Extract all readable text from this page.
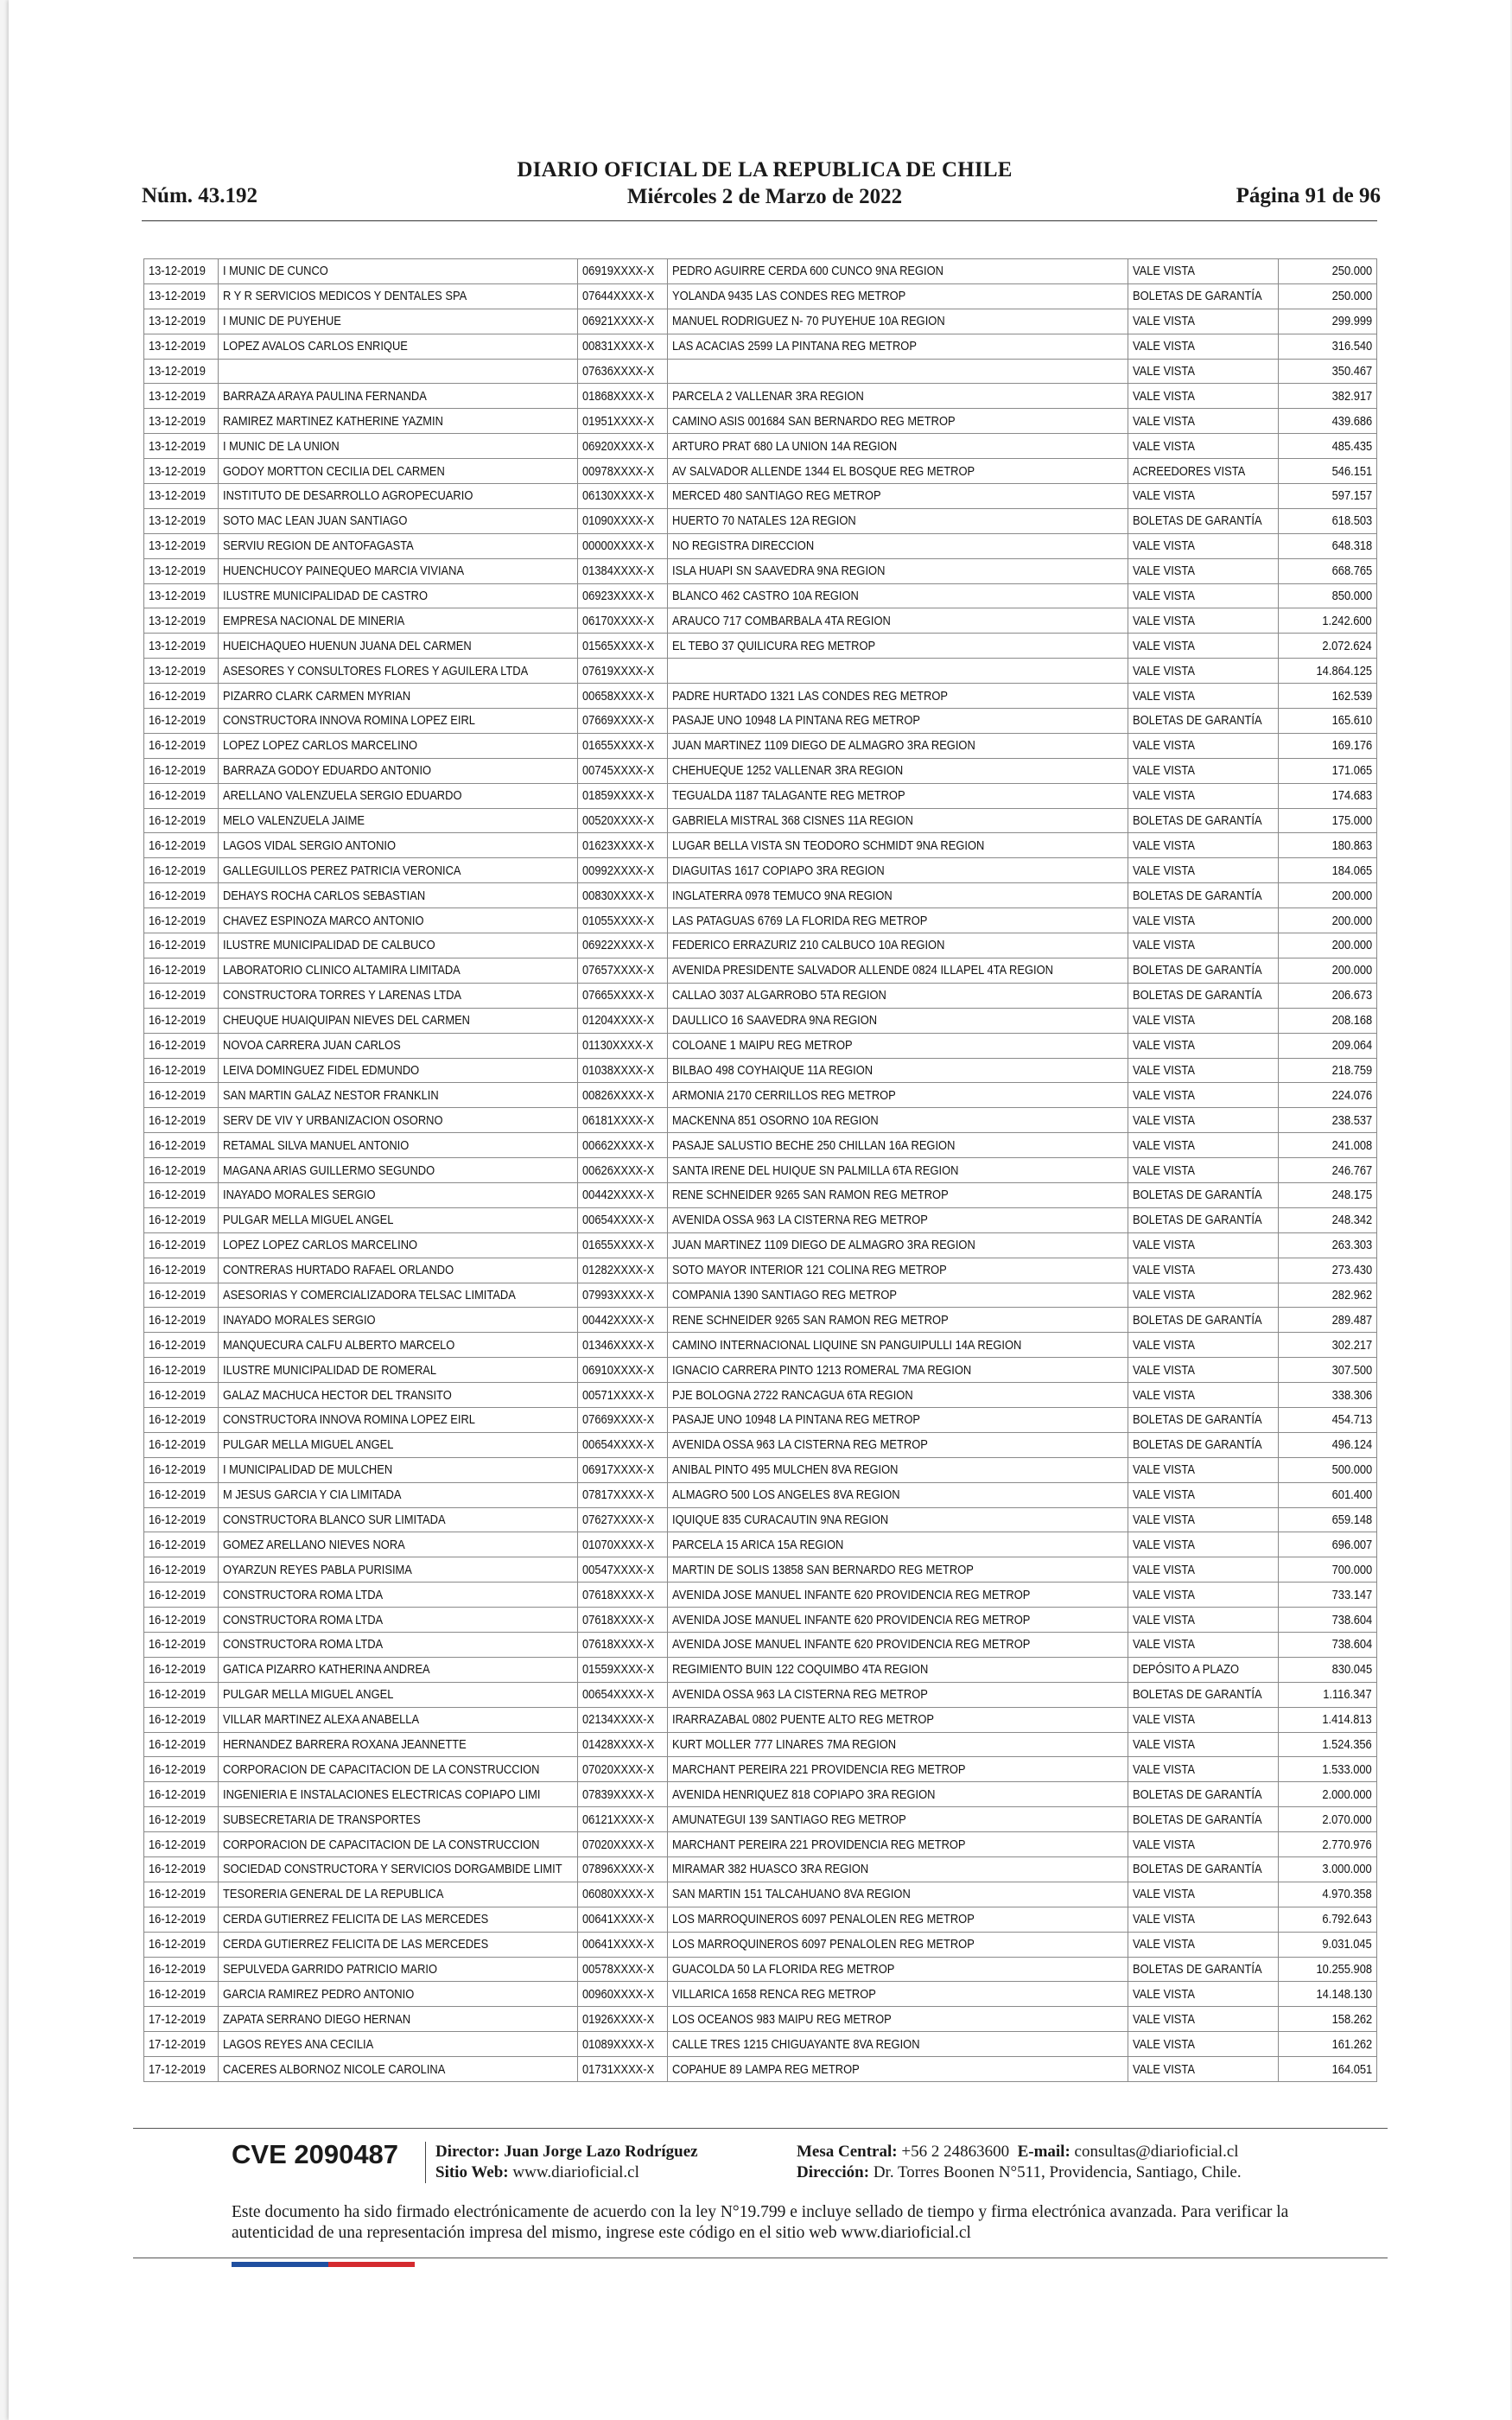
DIARIO OFICIAL DE LA REPUBLICA DE CHILE
Núm. 43.192	Miércoles 2 de Marzo de 2022	Página 91 de 96
13-12-2019	I MUNIC DE CUNCO	06919XXXX-X	PEDRO AGUIRRE CERDA 600 CUNCO 9NA REGION	VALE VISTA	250.000
13-12-2019	R Y R SERVICIOS MEDICOS Y DENTALES SPA	07644XXXX-X	YOLANDA 9435 LAS CONDES REG METROP	BOLETAS DE GARANTÍA	250.000
13-12-2019	I MUNIC DE PUYEHUE	06921XXXX-X	MANUEL RODRIGUEZ N- 70 PUYEHUE 10A REGION	VALE VISTA	299.999
13-12-2019	LOPEZ AVALOS CARLOS ENRIQUE	00831XXXX-X	LAS ACACIAS 2599 LA PINTANA REG METROP	VALE VISTA	316.540
13-12-2019		07636XXXX-X		VALE VISTA	350.467
13-12-2019	BARRAZA ARAYA PAULINA FERNANDA	01868XXXX-X	PARCELA 2 VALLENAR 3RA REGION	VALE VISTA	382.917
13-12-2019	RAMIREZ MARTINEZ KATHERINE YAZMIN	01951XXXX-X	CAMINO ASIS 001684 SAN BERNARDO REG METROP	VALE VISTA	439.686
13-12-2019	I MUNIC DE LA UNION	06920XXXX-X	ARTURO PRAT 680 LA UNION 14A REGION	VALE VISTA	485.435
13-12-2019	GODOY MORTTON CECILIA DEL CARMEN	00978XXXX-X	AV SALVADOR ALLENDE 1344 EL BOSQUE REG METROP	ACREEDORES VISTA	546.151
13-12-2019	INSTITUTO DE DESARROLLO AGROPECUARIO	06130XXXX-X	MERCED 480 SANTIAGO REG METROP	VALE VISTA	597.157
13-12-2019	SOTO MAC LEAN JUAN SANTIAGO	01090XXXX-X	HUERTO 70 NATALES 12A REGION	BOLETAS DE GARANTÍA	618.503
13-12-2019	SERVIU REGION DE ANTOFAGASTA	00000XXXX-X	NO REGISTRA DIRECCION	VALE VISTA	648.318
13-12-2019	HUENCHUCOY PAINEQUEO MARCIA VIVIANA	01384XXXX-X	ISLA HUAPI SN SAAVEDRA 9NA REGION	VALE VISTA	668.765
13-12-2019	ILUSTRE MUNICIPALIDAD DE CASTRO	06923XXXX-X	BLANCO 462 CASTRO 10A REGION	VALE VISTA	850.000
13-12-2019	EMPRESA NACIONAL DE MINERIA	06170XXXX-X	ARAUCO 717 COMBARBALA 4TA REGION	VALE VISTA	1.242.600
13-12-2019	HUEICHAQUEO HUENUN JUANA DEL CARMEN	01565XXXX-X	EL TEBO 37 QUILICURA REG METROP	VALE VISTA	2.072.624
13-12-2019	ASESORES Y CONSULTORES FLORES Y AGUILERA LTDA	07619XXXX-X		VALE VISTA	14.864.125
16-12-2019	PIZARRO CLARK CARMEN MYRIAN	00658XXXX-X	PADRE HURTADO 1321 LAS CONDES REG METROP	VALE VISTA	162.539
16-12-2019	CONSTRUCTORA INNOVA ROMINA LOPEZ EIRL	07669XXXX-X	PASAJE UNO 10948 LA PINTANA REG METROP	BOLETAS DE GARANTÍA	165.610
16-12-2019	LOPEZ LOPEZ CARLOS MARCELINO	01655XXXX-X	JUAN MARTINEZ 1109 DIEGO DE ALMAGRO 3RA REGION	VALE VISTA	169.176
16-12-2019	BARRAZA GODOY EDUARDO ANTONIO	00745XXXX-X	CHEHUEQUE 1252 VALLENAR 3RA REGION	VALE VISTA	171.065
16-12-2019	ARELLANO VALENZUELA SERGIO EDUARDO	01859XXXX-X	TEGUALDA 1187 TALAGANTE REG METROP	VALE VISTA	174.683
16-12-2019	MELO VALENZUELA JAIME	00520XXXX-X	GABRIELA MISTRAL 368 CISNES 11A REGION	BOLETAS DE GARANTÍA	175.000
16-12-2019	LAGOS VIDAL SERGIO ANTONIO	01623XXXX-X	LUGAR BELLA VISTA SN TEODORO SCHMIDT 9NA REGION	VALE VISTA	180.863
16-12-2019	GALLEGUILLOS PEREZ PATRICIA VERONICA	00992XXXX-X	DIAGUITAS 1617 COPIAPO 3RA REGION	VALE VISTA	184.065
16-12-2019	DEHAYS ROCHA CARLOS SEBASTIAN	00830XXXX-X	INGLATERRA 0978 TEMUCO 9NA REGION	BOLETAS DE GARANTÍA	200.000
16-12-2019	CHAVEZ ESPINOZA MARCO ANTONIO	01055XXXX-X	LAS PATAGUAS 6769 LA FLORIDA REG METROP	VALE VISTA	200.000
16-12-2019	ILUSTRE MUNICIPALIDAD DE CALBUCO	06922XXXX-X	FEDERICO ERRAZURIZ 210 CALBUCO 10A REGION	VALE VISTA	200.000
16-12-2019	LABORATORIO CLINICO ALTAMIRA LIMITADA	07657XXXX-X	AVENIDA PRESIDENTE SALVADOR ALLENDE 0824 ILLAPEL 4TA REGION	BOLETAS DE GARANTÍA	200.000
16-12-2019	CONSTRUCTORA TORRES Y LARENAS LTDA	07665XXXX-X	CALLAO 3037 ALGARROBO 5TA REGION	BOLETAS DE GARANTÍA	206.673
16-12-2019	CHEUQUE HUAIQUIPAN NIEVES DEL CARMEN	01204XXXX-X	DAULLICO 16 SAAVEDRA 9NA REGION	VALE VISTA	208.168
16-12-2019	NOVOA CARRERA JUAN CARLOS	01130XXXX-X	COLOANE 1 MAIPU REG METROP	VALE VISTA	209.064
16-12-2019	LEIVA DOMINGUEZ FIDEL EDMUNDO	01038XXXX-X	BILBAO 498 COYHAIQUE 11A REGION	VALE VISTA	218.759
16-12-2019	SAN MARTIN GALAZ NESTOR FRANKLIN	00826XXXX-X	ARMONIA 2170 CERRILLOS REG METROP	VALE VISTA	224.076
16-12-2019	SERV DE VIV Y URBANIZACION OSORNO	06181XXXX-X	MACKENNA 851 OSORNO 10A REGION	VALE VISTA	238.537
16-12-2019	RETAMAL SILVA MANUEL ANTONIO	00662XXXX-X	PASAJE SALUSTIO BECHE 250 CHILLAN 16A REGION	VALE VISTA	241.008
16-12-2019	MAGANA ARIAS GUILLERMO SEGUNDO	00626XXXX-X	SANTA IRENE DEL HUIQUE SN PALMILLA 6TA REGION	VALE VISTA	246.767
16-12-2019	INAYADO MORALES SERGIO	00442XXXX-X	RENE SCHNEIDER 9265 SAN RAMON REG METROP	BOLETAS DE GARANTÍA	248.175
16-12-2019	PULGAR MELLA MIGUEL ANGEL	00654XXXX-X	AVENIDA OSSA 963 LA CISTERNA REG METROP	BOLETAS DE GARANTÍA	248.342
16-12-2019	LOPEZ LOPEZ CARLOS MARCELINO	01655XXXX-X	JUAN MARTINEZ 1109 DIEGO DE ALMAGRO 3RA REGION	VALE VISTA	263.303
16-12-2019	CONTRERAS HURTADO RAFAEL ORLANDO	01282XXXX-X	SOTO MAYOR INTERIOR 121 COLINA REG METROP	VALE VISTA	273.430
16-12-2019	ASESORIAS Y COMERCIALIZADORA TELSAC LIMITADA	07993XXXX-X	COMPANIA 1390 SANTIAGO REG METROP	VALE VISTA	282.962
16-12-2019	INAYADO MORALES SERGIO	00442XXXX-X	RENE SCHNEIDER 9265 SAN RAMON REG METROP	BOLETAS DE GARANTÍA	289.487
16-12-2019	MANQUECURA CALFU ALBERTO MARCELO	01346XXXX-X	CAMINO INTERNACIONAL LIQUINE SN PANGUIPULLI 14A REGION	VALE VISTA	302.217
16-12-2019	ILUSTRE MUNICIPALIDAD DE ROMERAL	06910XXXX-X	IGNACIO CARRERA PINTO 1213 ROMERAL 7MA REGION	VALE VISTA	307.500
16-12-2019	GALAZ MACHUCA HECTOR DEL TRANSITO	00571XXXX-X	PJE BOLOGNA 2722 RANCAGUA 6TA REGION	VALE VISTA	338.306
16-12-2019	CONSTRUCTORA INNOVA ROMINA LOPEZ EIRL	07669XXXX-X	PASAJE UNO 10948 LA PINTANA REG METROP	BOLETAS DE GARANTÍA	454.713
16-12-2019	PULGAR MELLA MIGUEL ANGEL	00654XXXX-X	AVENIDA OSSA 963 LA CISTERNA REG METROP	BOLETAS DE GARANTÍA	496.124
16-12-2019	I MUNICIPALIDAD DE MULCHEN	06917XXXX-X	ANIBAL PINTO 495 MULCHEN 8VA REGION	VALE VISTA	500.000
16-12-2019	M JESUS GARCIA Y CIA LIMITADA	07817XXXX-X	ALMAGRO 500 LOS ANGELES 8VA REGION	VALE VISTA	601.400
16-12-2019	CONSTRUCTORA BLANCO SUR LIMITADA	07627XXXX-X	IQUIQUE 835 CURACAUTIN 9NA REGION	VALE VISTA	659.148
16-12-2019	GOMEZ ARELLANO NIEVES NORA	01070XXXX-X	PARCELA 15 ARICA 15A REGION	VALE VISTA	696.007
16-12-2019	OYARZUN REYES PABLA PURISIMA	00547XXXX-X	MARTIN DE SOLIS 13858 SAN BERNARDO REG METROP	VALE VISTA	700.000
16-12-2019	CONSTRUCTORA ROMA LTDA	07618XXXX-X	AVENIDA JOSE MANUEL INFANTE 620 PROVIDENCIA REG METROP	VALE VISTA	733.147
16-12-2019	CONSTRUCTORA ROMA LTDA	07618XXXX-X	AVENIDA JOSE MANUEL INFANTE 620 PROVIDENCIA REG METROP	VALE VISTA	738.604
16-12-2019	CONSTRUCTORA ROMA LTDA	07618XXXX-X	AVENIDA JOSE MANUEL INFANTE 620 PROVIDENCIA REG METROP	VALE VISTA	738.604
16-12-2019	GATICA PIZARRO KATHERINA ANDREA	01559XXXX-X	REGIMIENTO BUIN 122 COQUIMBO 4TA REGION	DEPÓSITO A PLAZO	830.045
16-12-2019	PULGAR MELLA MIGUEL ANGEL	00654XXXX-X	AVENIDA OSSA 963 LA CISTERNA REG METROP	BOLETAS DE GARANTÍA	1.116.347
16-12-2019	VILLAR MARTINEZ ALEXA ANABELLA	02134XXXX-X	IRARRAZABAL 0802 PUENTE ALTO REG METROP	VALE VISTA	1.414.813
16-12-2019	HERNANDEZ BARRERA ROXANA JEANNETTE	01428XXXX-X	KURT MOLLER 777 LINARES 7MA REGION	VALE VISTA	1.524.356
16-12-2019	CORPORACION DE CAPACITACION DE LA CONSTRUCCION	07020XXXX-X	MARCHANT PEREIRA 221 PROVIDENCIA REG METROP	VALE VISTA	1.533.000
16-12-2019	INGENIERIA E INSTALACIONES ELECTRICAS COPIAPO LIMI	07839XXXX-X	AVENIDA HENRIQUEZ 818 COPIAPO 3RA REGION	BOLETAS DE GARANTÍA	2.000.000
16-12-2019	SUBSECRETARIA DE TRANSPORTES	06121XXXX-X	AMUNATEGUI 139 SANTIAGO REG METROP	BOLETAS DE GARANTÍA	2.070.000
16-12-2019	CORPORACION DE CAPACITACION DE LA CONSTRUCCION	07020XXXX-X	MARCHANT PEREIRA 221 PROVIDENCIA REG METROP	VALE VISTA	2.770.976
16-12-2019	SOCIEDAD CONSTRUCTORA Y SERVICIOS DORGAMBIDE LIMIT	07896XXXX-X	MIRAMAR 382 HUASCO 3RA REGION	BOLETAS DE GARANTÍA	3.000.000
16-12-2019	TESORERIA GENERAL DE LA REPUBLICA	06080XXXX-X	SAN MARTIN 151 TALCAHUANO 8VA REGION	VALE VISTA	4.970.358
16-12-2019	CERDA GUTIERREZ FELICITA DE LAS MERCEDES	00641XXXX-X	LOS MARROQUINEROS 6097 PENALOLEN REG METROP	VALE VISTA	6.792.643
16-12-2019	CERDA GUTIERREZ FELICITA DE LAS MERCEDES	00641XXXX-X	LOS MARROQUINEROS 6097 PENALOLEN REG METROP	VALE VISTA	9.031.045
16-12-2019	SEPULVEDA GARRIDO PATRICIO MARIO	00578XXXX-X	GUACOLDA 50 LA FLORIDA REG METROP	BOLETAS DE GARANTÍA	10.255.908
16-12-2019	GARCIA RAMIREZ PEDRO ANTONIO	00960XXXX-X	VILLARICA 1658 RENCA REG METROP	VALE VISTA	14.148.130
17-12-2019	ZAPATA SERRANO DIEGO HERNAN	01926XXXX-X	LOS OCEANOS 983 MAIPU REG METROP	VALE VISTA	158.262
17-12-2019	LAGOS REYES ANA CECILIA	01089XXXX-X	CALLE TRES 1215 CHIGUAYANTE 8VA REGION	VALE VISTA	161.262
17-12-2019	CACERES ALBORNOZ NICOLE CAROLINA	01731XXXX-X	COPAHUE 89 LAMPA REG METROP	VALE VISTA	164.051
CVE 2090487 Director: Juan Jorge Lazo Rodríguez
Sitio Web: www.diarioficial.cl
Mesa Central: +56 2 24863600 E-mail: consultas@diarioficial.cl
Dirección: Dr. Torres Boonen N°511, Providencia, Santiago, Chile.
Este documento ha sido firmado electrónicamente de acuerdo con la ley N°19.799 e incluye sellado de tiempo y firma electrónica avanzada. Para verificar la autenticidad de una representación impresa del mismo, ingrese este código en el sitio web www.diarioficial.cl
